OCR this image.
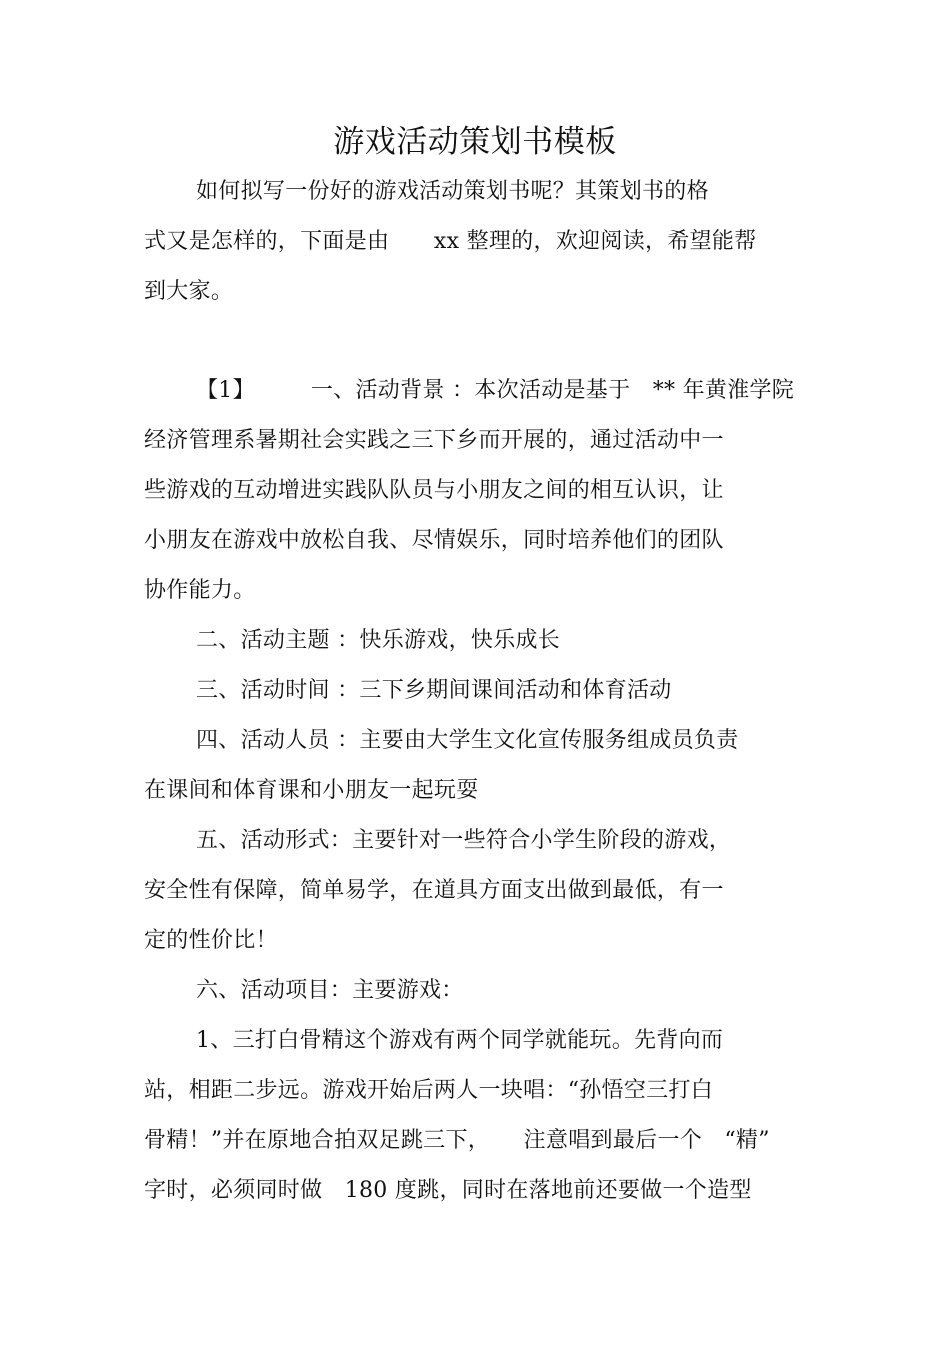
游戏活动策划书模板
如何拟写一份好的游戏活动策划书呢？其策划书的格
式又是怎样的，下面是由　　xx 整理的，欢迎阅读，希望能帮
到大家。
【1】	一、活动背景 ：本次活动是基于　** 年黄淮学院
经济管理系暑期社会实践之三下乡而开展的，通过活动中一
些游戏的互动增进实践队队员与小朋友之间的相互认识，让
小朋友在游戏中放松自我、尽情娱乐，同时培养他们的团队
协作能力。
二、活动主题 ：快乐游戏，快乐成长
三、活动时间 ：三下乡期间课间活动和体育活动
四、活动人员 ：主要由大学生文化宣传服务组成员负责
在课间和体育课和小朋友一起玩耍
五、活动形式：主要针对一些符合小学生阶段的游戏，
安全性有保障，简单易学，在道具方面支出做到最低，有一
定的性价比！
六、活动项目：主要游戏：
1、三打白骨精这个游戏有两个同学就能玩。先背向而
站，相距二步远。游戏开始后两人一块唱：“孙悟空三打白
骨精！”并在原地合拍双足跳三下，　　注意唱到最后一个　“精”
字时，必须同时做　180 度跳，同时在落地前还要做一个造型
